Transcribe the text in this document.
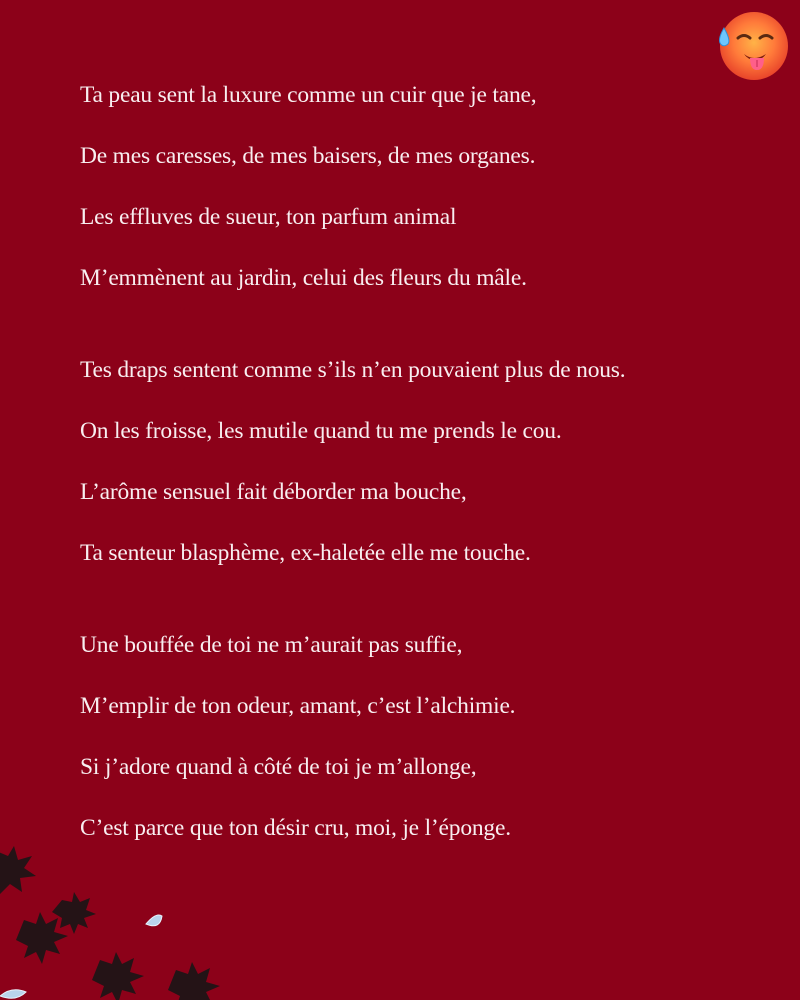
Ta peau sent la luxure comme un cuir que je tane,
De mes caresses, de mes baisers, de mes organes.
Les effluves de sueur, ton parfum animal
M’emmènent au jardin, celui des fleurs du mâle.
Tes draps sentent comme s’ils n’en pouvaient plus de nous.
On les froisse, les mutile quand tu me prends le cou.
L’arôme sensuel fait déborder ma bouche,
Ta senteur blasphème, ex-haletée elle me touche.
Une bouffée de toi ne m’aurait pas suffie,
M’emplir de ton odeur, amant, c’est l’alchimie.
Si j’adore quand à côté de toi je m’allonge,
C’est parce que ton désir cru, moi, je l’éponge.
